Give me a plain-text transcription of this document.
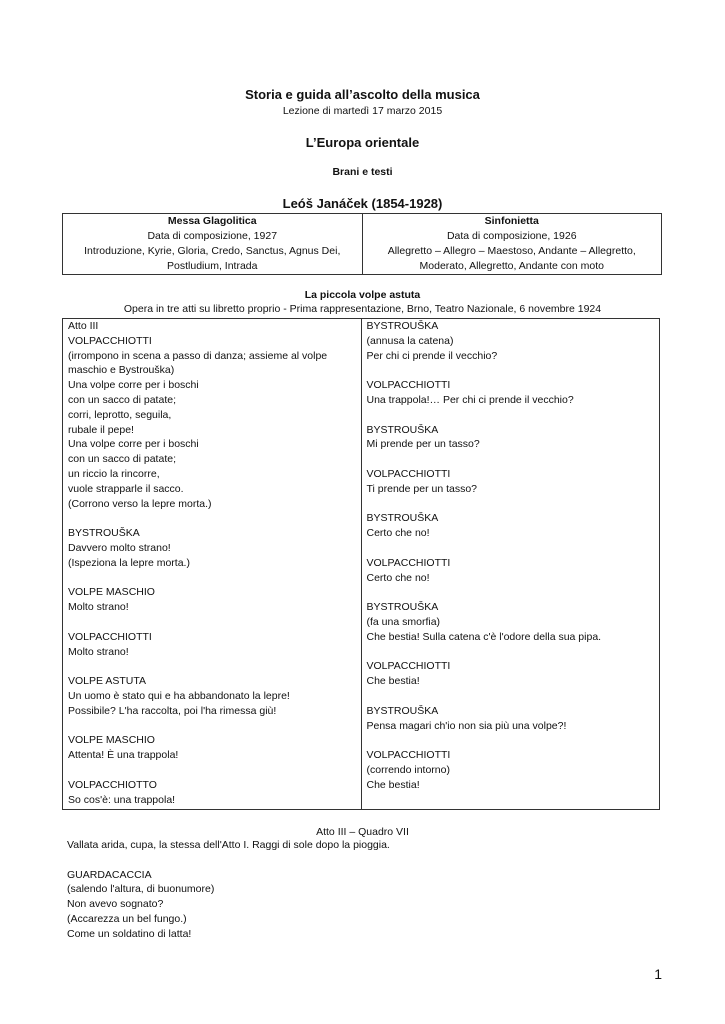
Storia e guida all’ascolto della musica
Lezione di martedì 17 marzo 2015
L’Europa orientale
Brani e testi
Leóš Janáček (1854-1928)
Messa Glagolitica
Data di composizione, 1927
Introduzione, Kyrie, Gloria, Credo, Sanctus, Agnus Dei,
Postludium, Intrada

Sinfonietta
Data di composizione, 1926
Allegretto – Allegro – Maestoso, Andante – Allegretto,
Moderato, Allegretto, Andante con moto
La piccola volpe astuta
Opera in tre atti su libretto proprio - Prima rappresentazione, Brno, Teatro Nazionale, 6 novembre 1924
Atto III
VOLPACCHIOTTI
(irrompono in scena a passo di danza; assieme al volpe
maschio e Bystrouška)
Una volpe corre per i boschi
con un sacco di patate;
corri, leprotto, seguila,
rubale il pepe!
Una volpe corre per i boschi
con un sacco di patate;
un riccio la rincorre,
vuole strapparle il sacco.
(Corrono verso la lepre morta.)
BYSTROUŠKA
Davvero molto strano!
(Ispeziona la lepre morta.)
VOLPE MASCHIO
Molto strano!
VOLPACCHIOTTI
Molto strano!
VOLPE ASTUTA
Un uomo è stato qui e ha abbandonato la lepre!
Possibile? L'ha raccolta, poi l'ha rimessa giù!
VOLPE MASCHIO
Attenta! È una trappola!
VOLPACCHIOTTO
So cos'è: una trappola!

BYSTROUŠKA
(annusa la catena)
Per chi ci prende il vecchio?
VOLPACCHIOTTI
Una trappola!… Per chi ci prende il vecchio?
BYSTROUŠKA
Mi prende per un tasso?
VOLPACCHIOTTI
Ti prende per un tasso?
BYSTROUŠKA
Certo che no!
VOLPACCHIOTTI
Certo che no!
BYSTROUŠKA
(fa una smorfia)
Che bestia! Sulla catena c'è l'odore della sua pipa.
VOLPACCHIOTTI
Che bestia!
BYSTROUŠKA
Pensa magari ch'io non sia più una volpe?!
VOLPACCHIOTTI
(correndo intorno)
Che bestia!
Atto III – Quadro VII
Vallata arida, cupa, la stessa dell'Atto I. Raggi di sole dopo la pioggia.
GUARDACACCIA
(salendo l'altura, di buonumore)
Non avevo sognato?
(Accarezza un bel fungo.)
Come un soldatino di latta!
1
